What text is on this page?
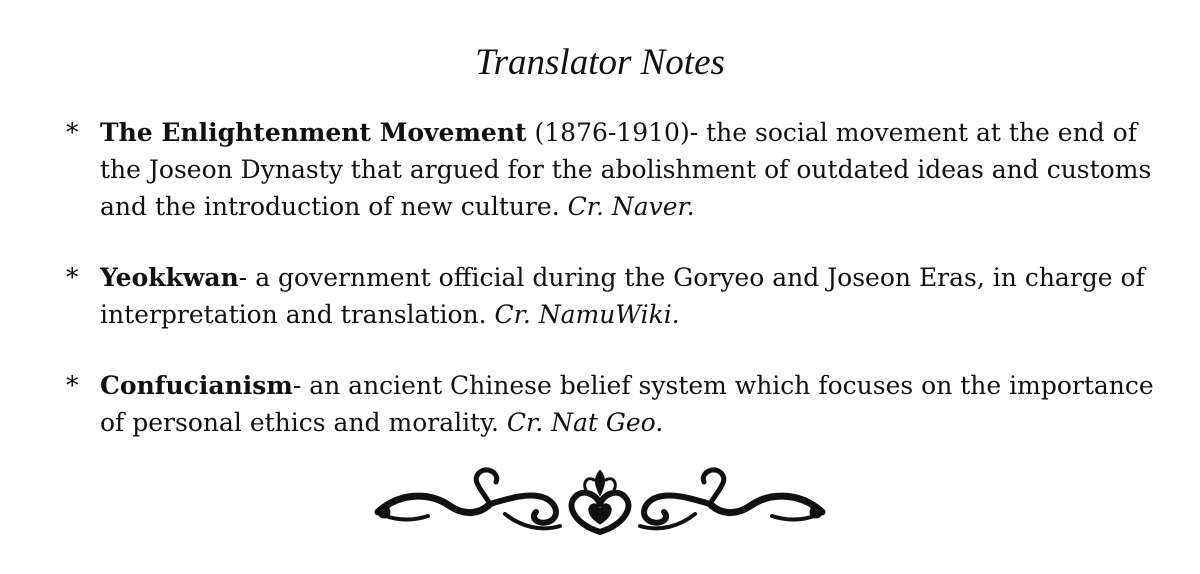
Translator Notes
* The Enlightenment Movement (1876-1910)- the social movement at the end of the Joseon Dynasty that argued for the abolishment of outdated ideas and customs and the introduction of new culture. Cr. Naver.
* Yeokkwan- a government official during the Goryeo and Joseon Eras, in charge of interpretation and translation. Cr. NamuWiki.
* Confucianism- an ancient Chinese belief system which focuses on the importance of personal ethics and morality. Cr. Nat Geo.
